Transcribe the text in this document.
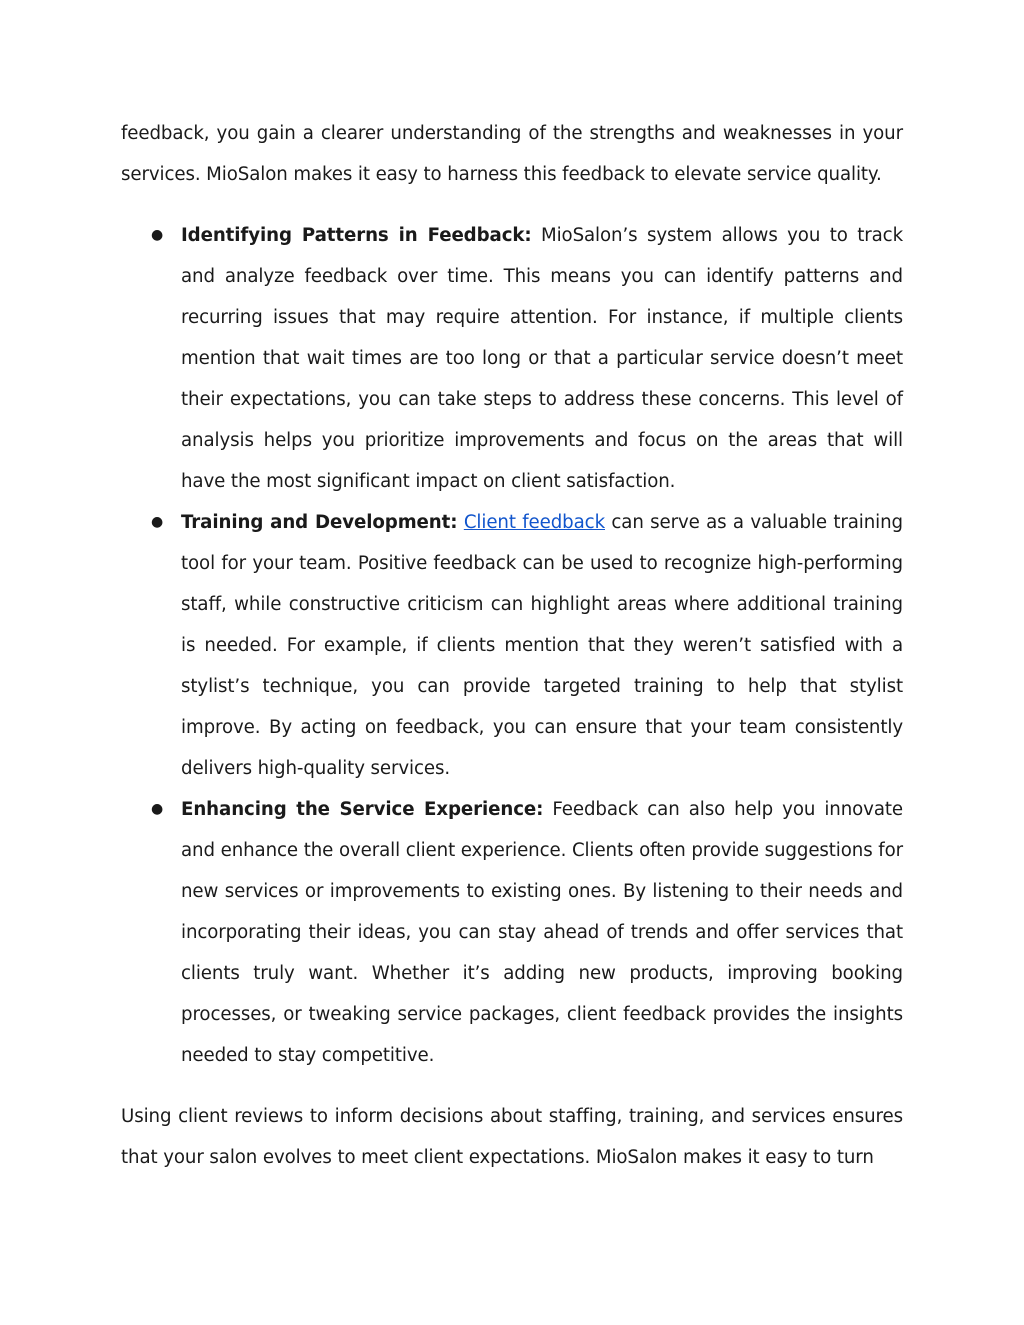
feedback, you gain a clearer understanding of the strengths and weaknesses in your services. MioSalon makes it easy to harness this feedback to elevate service quality.

● Identifying Patterns in Feedback: MioSalon’s system allows you to track and analyze feedback over time. This means you can identify patterns and recurring issues that may require attention. For instance, if multiple clients mention that wait times are too long or that a particular service doesn’t meet their expectations, you can take steps to address these concerns. This level of analysis helps you prioritize improvements and focus on the areas that will have the most significant impact on client satisfaction.
● Training and Development: Client feedback can serve as a valuable training tool for your team. Positive feedback can be used to recognize high-performing staff, while constructive criticism can highlight areas where additional training is needed. For example, if clients mention that they weren’t satisfied with a stylist’s technique, you can provide targeted training to help that stylist improve. By acting on feedback, you can ensure that your team consistently delivers high-quality services.
● Enhancing the Service Experience: Feedback can also help you innovate and enhance the overall client experience. Clients often provide suggestions for new services or improvements to existing ones. By listening to their needs and incorporating their ideas, you can stay ahead of trends and offer services that clients truly want. Whether it’s adding new products, improving booking processes, or tweaking service packages, client feedback provides the insights needed to stay competitive.

Using client reviews to inform decisions about staffing, training, and services ensures that your salon evolves to meet client expectations. MioSalon makes it easy to turn
